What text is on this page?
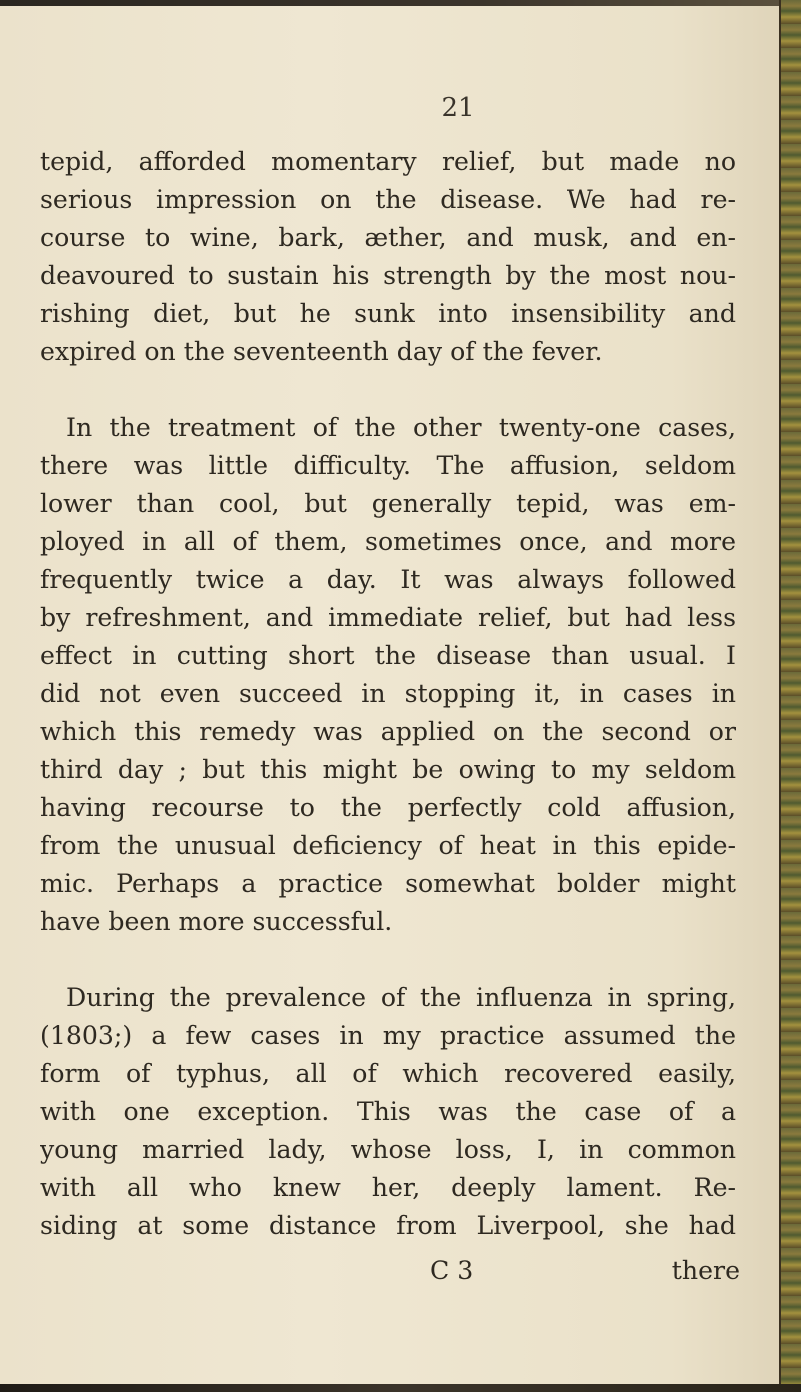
21
tepid, afforded momentary relief, but made no
serious impression on the disease. We had re-
course to wine, bark, æther, and musk, and en-
deavoured to sustain his strength by the most nou-
rishing diet, but he sunk into insensibility and
expired on the seventeenth day of the fever.
In the treatment of the other twenty-one cases,
there was little difficulty. The affusion, seldom
lower than cool, but generally tepid, was em-
ployed in all of them, sometimes once, and more
frequently twice a day. It was always followed
by refreshment, and immediate relief, but had less
effect in cutting short the disease than usual. I
did not even succeed in stopping it, in cases in
which this remedy was applied on the second or
third day ; but this might be owing to my seldom
having recourse to the perfectly cold affusion,
from the unusual deficiency of heat in this epide-
mic. Perhaps a practice somewhat bolder might
have been more successful.
During the prevalence of the influenza in spring,
(1803;) a few cases in my practice assumed the
form of typhus, all of which recovered easily,
with one exception. This was the case of a
young married lady, whose loss, I, in common
with all who knew her, deeply lament. Re-
siding at some distance from Liverpool, she had
C 3	there
